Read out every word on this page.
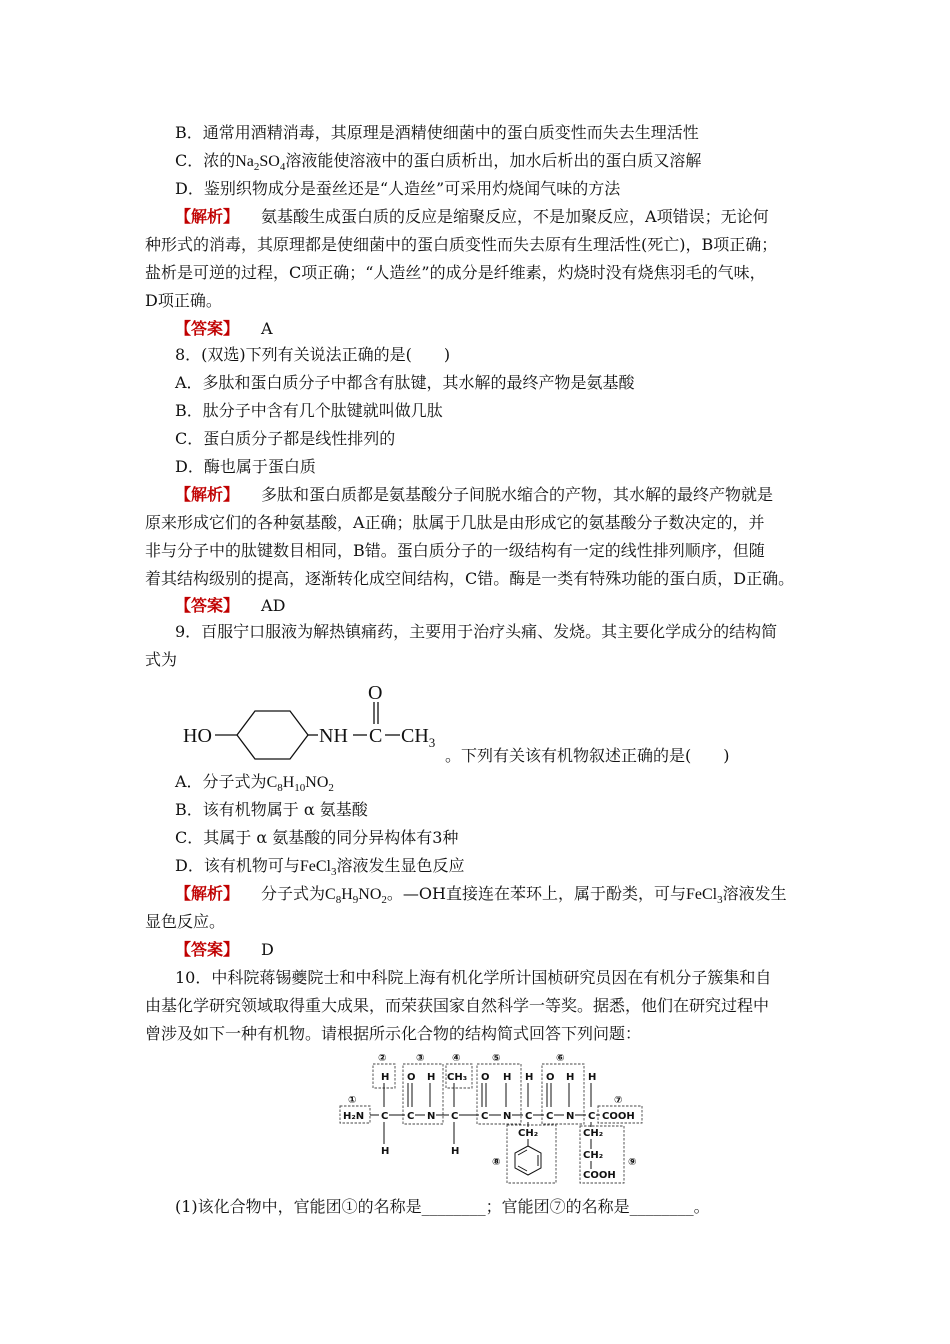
B．通常用酒精消毒，其原理是酒精使细菌中的蛋白质变性而失去生理活性
C．浓的$Na_2SO_4$溶液能使溶液中的蛋白质析出，加水后析出的蛋白质又溶解
D．鉴别织物成分是蚕丝还是“人造丝”可采用灼烧闻气味的方法
【解析】 氨基酸生成蛋白质的反应是缩聚反应，不是加聚反应，A项错误；无论何
种形式的消毒，其原理都是使细菌中的蛋白质变性而失去原有生理活性(死亡)，B项正确；
盐析是可逆的过程，C项正确；“人造丝”的成分是纤维素，灼烧时没有烧焦羽毛的气味，
D项正确。
【答案】 A
8．(双选)下列有关说法正确的是(　　)
A．多肽和蛋白质分子中都含有肽键，其水解的最终产物是氨基酸
B．肽分子中含有几个肽键就叫做几肽
C．蛋白质分子都是线性排列的
D．酶也属于蛋白质
【解析】 多肽和蛋白质都是氨基酸分子间脱水缩合的产物，其水解的最终产物就是
原来形成它们的各种氨基酸，A正确；肽属于几肽是由形成它的氨基酸分子数决定的，并
非与分子中的肽键数目相同，B错。蛋白质分子的一级结构有一定的线性排列顺序，但随
着其结构级别的提高，逐渐转化成空间结构，C错。酶是一类有特殊功能的蛋白质，D正确。
【答案】 AD
9．百服宁口服液为解热镇痛药，主要用于治疗头痛、发烧。其主要化学成分的结构简
式为
HO	NH C
O
$CH_3$
。下列有关该有机物叙述正确的是(　　)
A．分子式为$C_8H_{10}NO_2$
B．该有机物属于 α 氨基酸
C．其属于 α 氨基酸的同分异构体有3种
D．该有机物可与FeCl$_3$溶液发生显色反应
【解析】 分子式为$C_8H_9NO_2$。—OH直接连在苯环上，属于酚类，可与FeCl$_3$溶液发生
显色反应。
【答案】 D
10．中科院蒋锡夔院士和中科院上海有机化学所计国桢研究员因在有机分子簇集和自
由基化学研究领域取得重大成果，而荣获国家自然科学一等奖。据悉，他们在研究过程中
曾涉及如下一种有机物。请根据所示化合物的结构简式回答下列问题：
①
②	③	④	⑤	⑥
⑦
⑧	⑨
H₂N C
H
H
C
O
N
H
C
CH₃
H
C
O
N
H
C
H
C
O
N
H
C
H
COOH
CH₂	CH₂
CH₂
COOH
(1)该化合物中，官能团①的名称是________；官能团⑦的名称是________。
